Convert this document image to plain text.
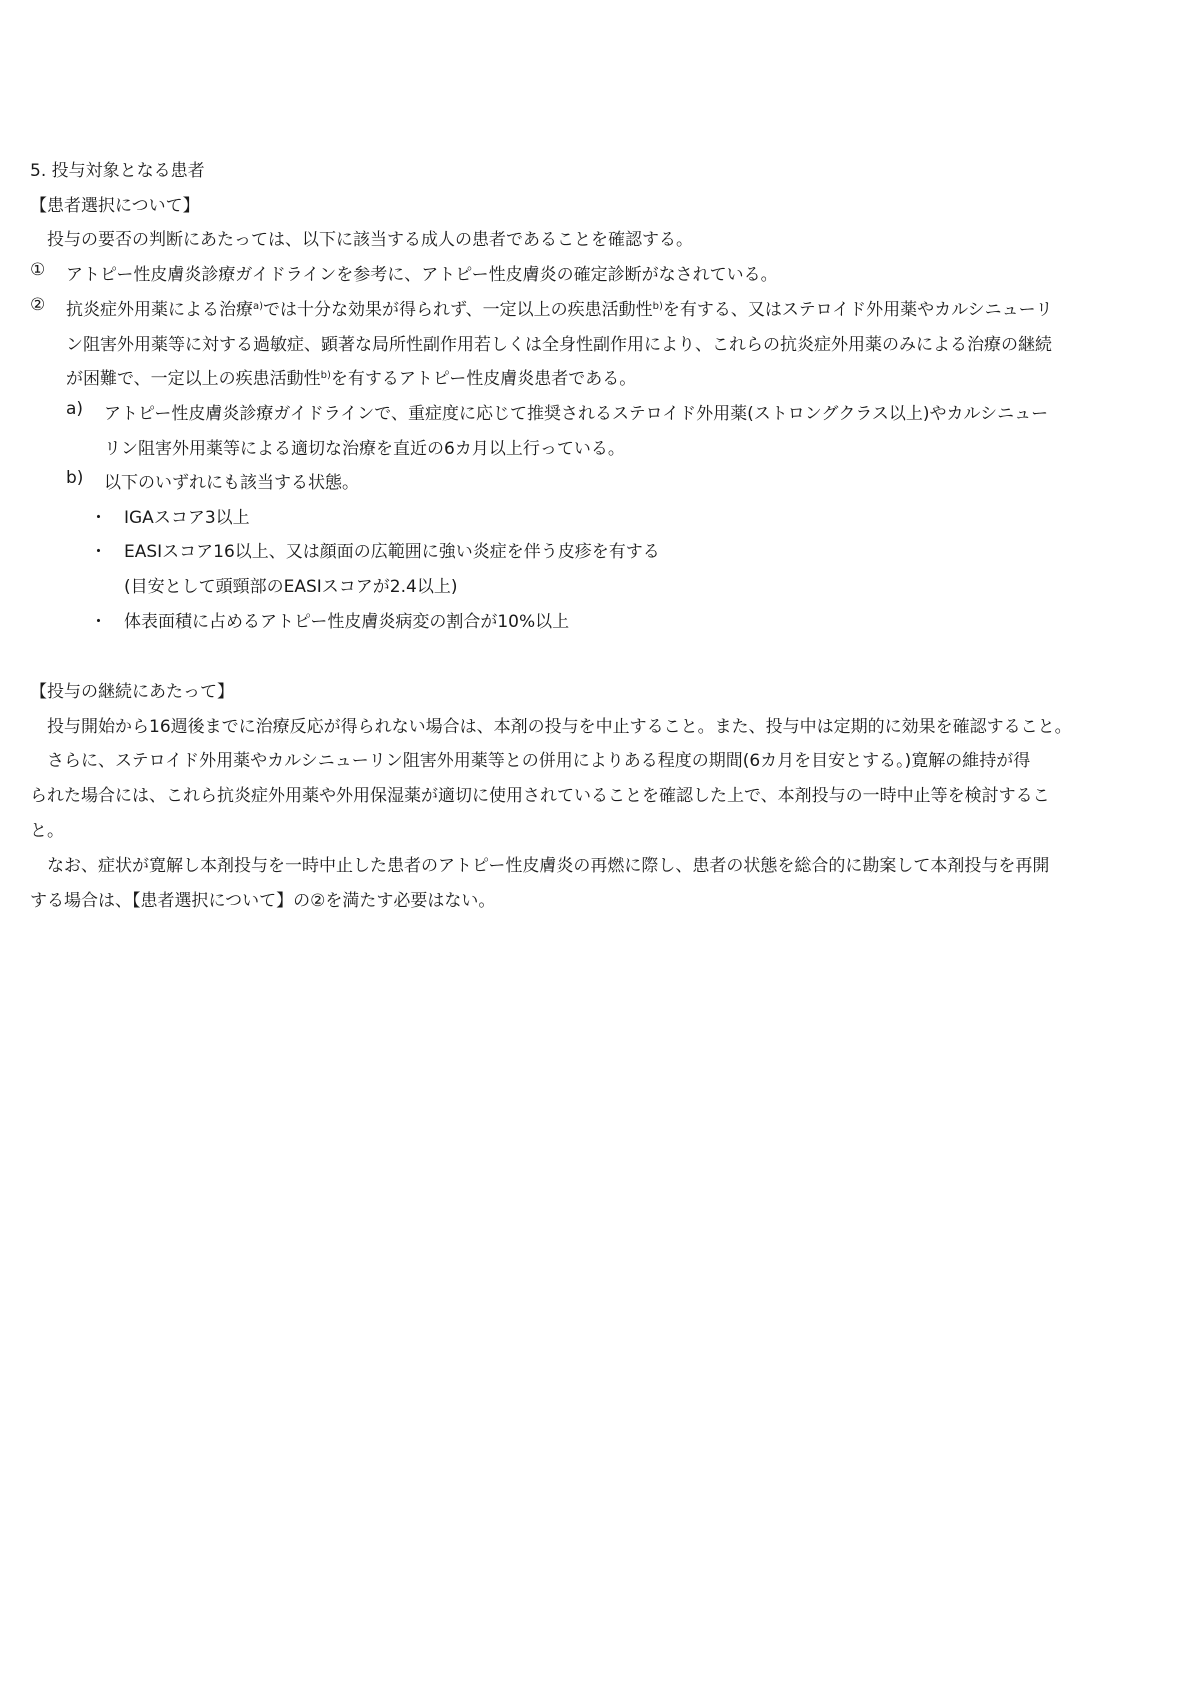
5. 投与対象となる患者
【患者選択について】
投与の要否の判断にあたっては、以下に該当する成人の患者であることを確認する。
① アトピー性皮膚炎診療ガイドラインを参考に、アトピー性皮膚炎の確定診断がなされている。
② 抗炎症外用薬による治療$^{a)}$では十分な効果が得られず、一定以上の疾患活動性$^{b)}$を有する、又はステロイド外用薬やカルシニューリ
ン阻害外用薬等に対する過敏症、顕著な局所性副作用若しくは全身性副作用により、これらの抗炎症外用薬のみによる治療の継続
が困難で、一定以上の疾患活動性$^{b)}$を有するアトピー性皮膚炎患者である。
a) アトピー性皮膚炎診療ガイドラインで、重症度に応じて推奨されるステロイド外用薬(ストロングクラス以上)やカルシニュー
リン阻害外用薬等による適切な治療を直近の6カ月以上行っている。
b) 以下のいずれにも該当する状態。
・ IGAスコア3以上
・ EASIスコア16以上、又は顔面の広範囲に強い炎症を伴う皮疹を有する
(目安として頭頸部のEASIスコアが2.4以上)
・ 体表面積に占めるアトピー性皮膚炎病変の割合が10%以上
【投与の継続にあたって】
投与開始から16週後までに治療反応が得られない場合は、本剤の投与を中止すること。また、投与中は定期的に効果を確認すること。
さらに、ステロイド外用薬やカルシニューリン阻害外用薬等との併用によりある程度の期間(6カ月を目安とする。)寛解の維持が得
られた場合には、これら抗炎症外用薬や外用保湿薬が適切に使用されていることを確認した上で、本剤投与の一時中止等を検討するこ
と。
なお、症状が寛解し本剤投与を一時中止した患者のアトピー性皮膚炎の再燃に際し、患者の状態を総合的に勘案して本剤投与を再開
する場合は、【患者選択について】の②を満たす必要はない。
